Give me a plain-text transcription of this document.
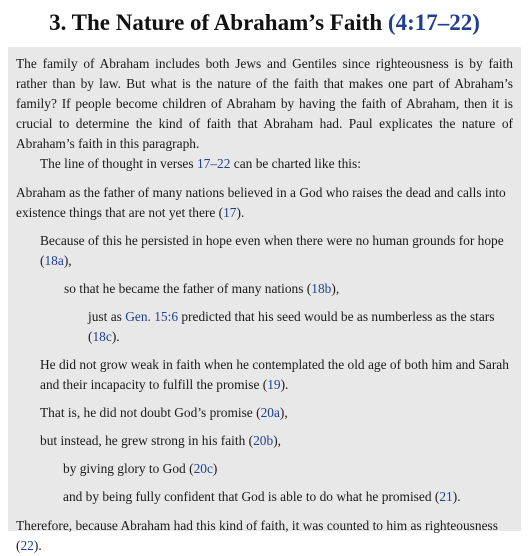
3. The Nature of Abraham’s Faith (4:17–22)

The family of Abraham includes both Jews and Gentiles since righteousness is by faith rather than by law. But what is the nature of the faith that makes one part of Abraham’s family? If people become children of Abraham by having the faith of Abraham, then it is crucial to determine the kind of faith that Abraham had. Paul explicates the nature of Abraham’s faith in this paragraph.

The line of thought in verses 17–22 can be charted like this:

Abraham as the father of many nations believed in a God who raises the dead and calls into existence things that are not yet there (17).

Because of this he persisted in hope even when there were no human grounds for hope (18a),

so that he became the father of many nations (18b),

just as Gen. 15:6 predicted that his seed would be as numberless as the stars (18c).

He did not grow weak in faith when he contemplated the old age of both him and Sarah and their incapacity to fulfill the promise (19).

That is, he did not doubt God’s promise (20a),

but instead, he grew strong in his faith (20b),

by giving glory to God (20c)

and by being fully confident that God is able to do what he promised (21).

Therefore, because Abraham had this kind of faith, it was counted to him as righteousness (22).
